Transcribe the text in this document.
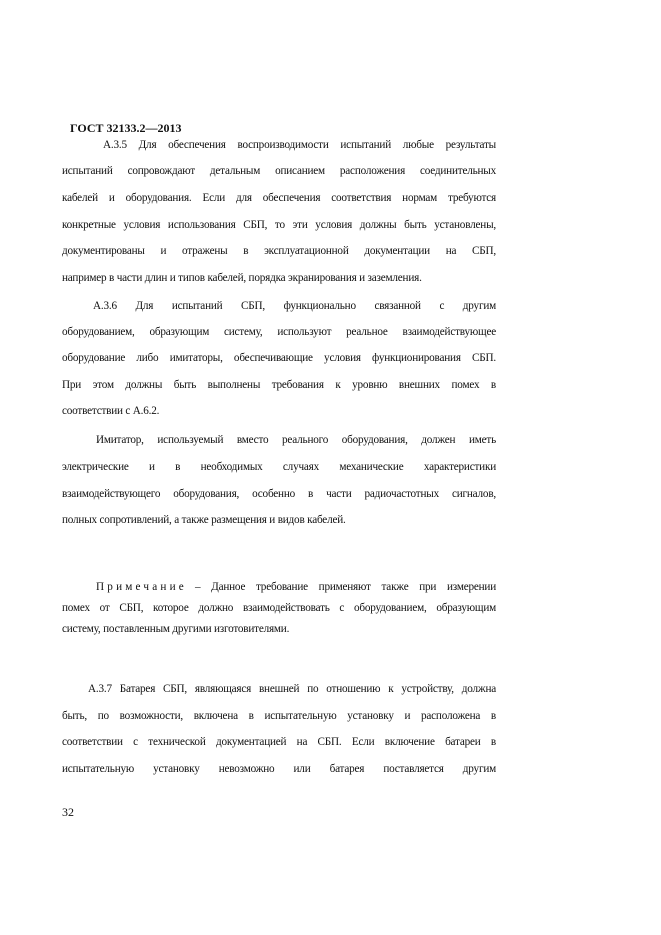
ГОСТ 32133.2—2013
А.3.5 Для обеспечения воспроизводимости испытаний любые результаты
испытаний сопровождают детальным описанием расположения соединительных
кабелей и оборудования. Если для обеспечения соответствия нормам требуются
конкретные условия использования СБП, то эти условия должны быть установлены,
документированы и отражены в эксплуатационной документации на СБП,
например в части длин и типов кабелей, порядка экранирования и заземления.
А.3.6 Для испытаний СБП, функционально связанной с другим
оборудованием, образующим систему, используют реальное взаимодействующее
оборудование либо имитаторы, обеспечивающие условия функционирования СБП.
При этом должны быть выполнены требования к уровню внешних помех в
соответствии с А.6.2.
Имитатор, используемый вместо реального оборудования, должен иметь
электрические и в необходимых случаях механические характеристики
взаимодействующего оборудования, особенно в части радиочастотных сигналов,
полных сопротивлений, а также размещения и видов кабелей.
Примечание – Данное требование применяют также при измерении
помех от СБП, которое должно взаимодействовать с оборудованием, образующим
систему, поставленным другими изготовителями.
А.3.7 Батарея СБП, являющаяся внешней по отношению к устройству, должна
быть, по возможности, включена в испытательную установку и расположена в
соответствии с технической документацией на СБП. Если включение батареи в
испытательную установку невозможно или батарея поставляется другим
32
